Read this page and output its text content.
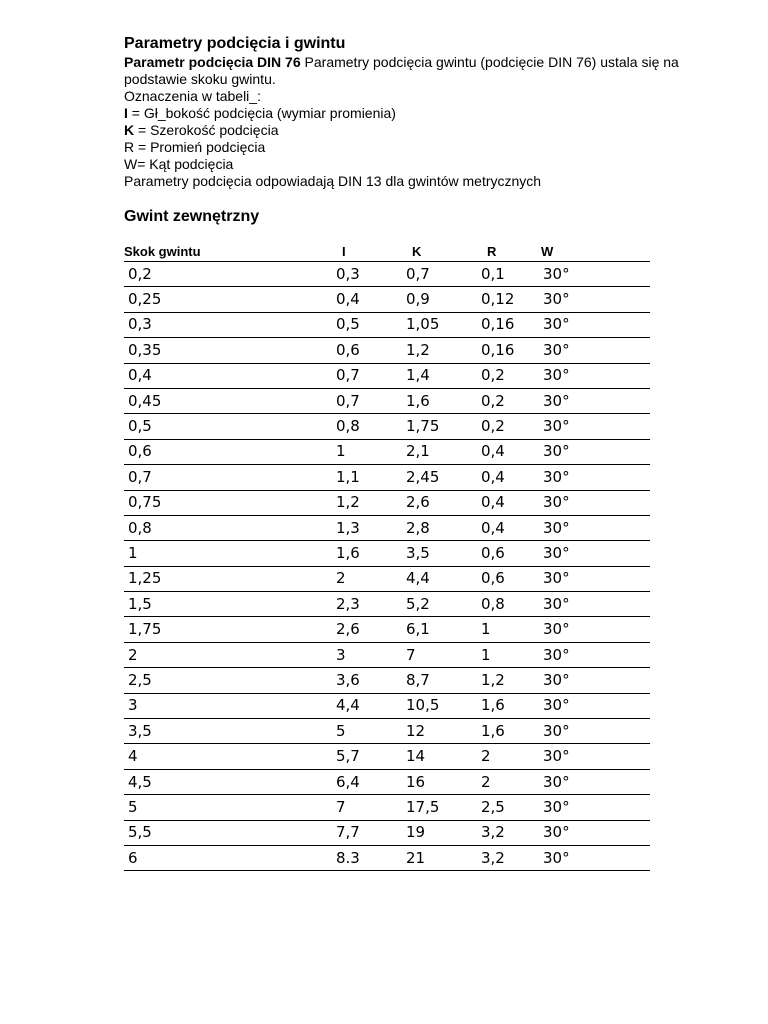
Parametry podcięcia i gwintu

Parametr podcięcia DIN 76 Parametry podcięcia gwintu (podcięcie DIN 76) ustala się na podstawie skoku gwintu.

Oznaczenia w tabeli_:

I = Gł_bokość podcięcia (wymiar promienia)

K = Szerokość podcięcia

R = Promień podcięcia

W= Kąt podcięcia

Parametry podcięcia odpowiadają DIN 13 dla gwintów metrycznych

Gwint zewnętrzny
Skok gwintu	I	K	R	W
0,2	0,3	0,7	0,1	30°
0,25	0,4	0,9	0,12	30°
0,3	0,5	1,05	0,16	30°
0,35	0,6	1,2	0,16	30°
0,4	0,7	1,4	0,2	30°
0,45	0,7	1,6	0,2	30°
0,5	0,8	1,75	0,2	30°
0,6	1	2,1	0,4	30°
0,7	1,1	2,45	0,4	30°
0,75	1,2	2,6	0,4	30°
0,8	1,3	2,8	0,4	30°
1	1,6	3,5	0,6	30°
1,25	2	4,4	0,6	30°
1,5	2,3	5,2	0,8	30°
1,75	2,6	6,1	1	30°
2	3	7	1	30°
2,5	3,6	8,7	1,2	30°
3	4,4	10,5	1,6	30°
3,5	5	12	1,6	30°
4	5,7	14	2	30°
4,5	6,4	16	2	30°
5	7	17,5	2,5	30°
5,5	7,7	19	3,2	30°
6	8.3	21	3,2	30°
